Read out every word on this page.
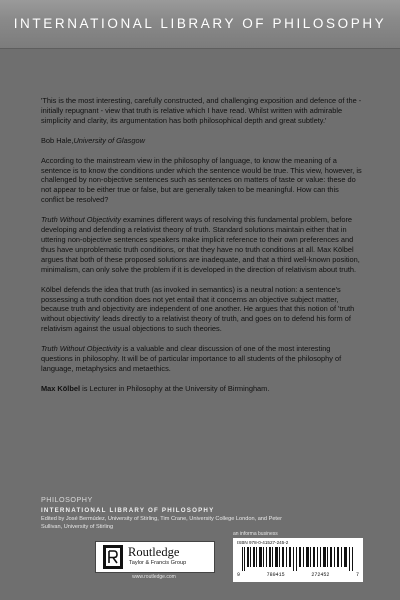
INTERNATIONAL LIBRARY OF PHILOSOPHY

'This is the most interesting, carefully constructed, and challenging exposition and defence of the - initially repugnant - view that truth is relative which I have read. Whilst written with admirable simplicity and clarity, its argumentation has both philosophical depth and great subtlety.'

Bob Hale,University of Glasgow

According to the mainstream view in the philosophy of language, to know the meaning of a sentence is to know the conditions under which the sentence would be true. This view, however, is challenged by non-objective sentences such as sentences on matters of taste or value: these do not appear to be either true or false, but are generally taken to be meaningful. How can this conflict be resolved?

Truth Without Objectivity examines different ways of resolving this fundamental problem, before developing and defending a relativist theory of truth. Standard solutions maintain either that in uttering non-objective sentences speakers make implicit reference to their own preferences and thus have unproblematic truth conditions, or that they have no truth conditions at all. Max Kölbel argues that both of these proposed solutions are inadequate, and that a third well-known position, minimalism, can only solve the problem if it is developed in the direction of relativism about truth.

Kölbel defends the idea that truth (as invoked in semantics) is a neutral notion: a sentence's possessing a truth condition does not yet entail that it concerns an objective subject matter, because truth and objectivity are independent of one another. He argues that this notion of 'truth without objectivity' leads directly to a relativist theory of truth, and goes on to defend his form of relativism against the usual objections to such theories.

Truth Without Objectivity is a valuable and clear discussion of one of the most interesting questions in philosophy. It will be of particular importance to all students of the philosophy of language, metaphysics and metaethics.

Max Kölbel is Lecturer in Philosophy at the University of Birmingham.

PHILOSOPHY
INTERNATIONAL LIBRARY OF PHILOSOPHY
Edited by José Bermúdez, University of Stirling, Tim Crane, University College London, and Peter Sullivan, University of Stirling
Routledge
Taylor & Francis Group
www.routledge.com
an informa business
ISBN 978-0-41527-245-2
9	780415	272452	7
